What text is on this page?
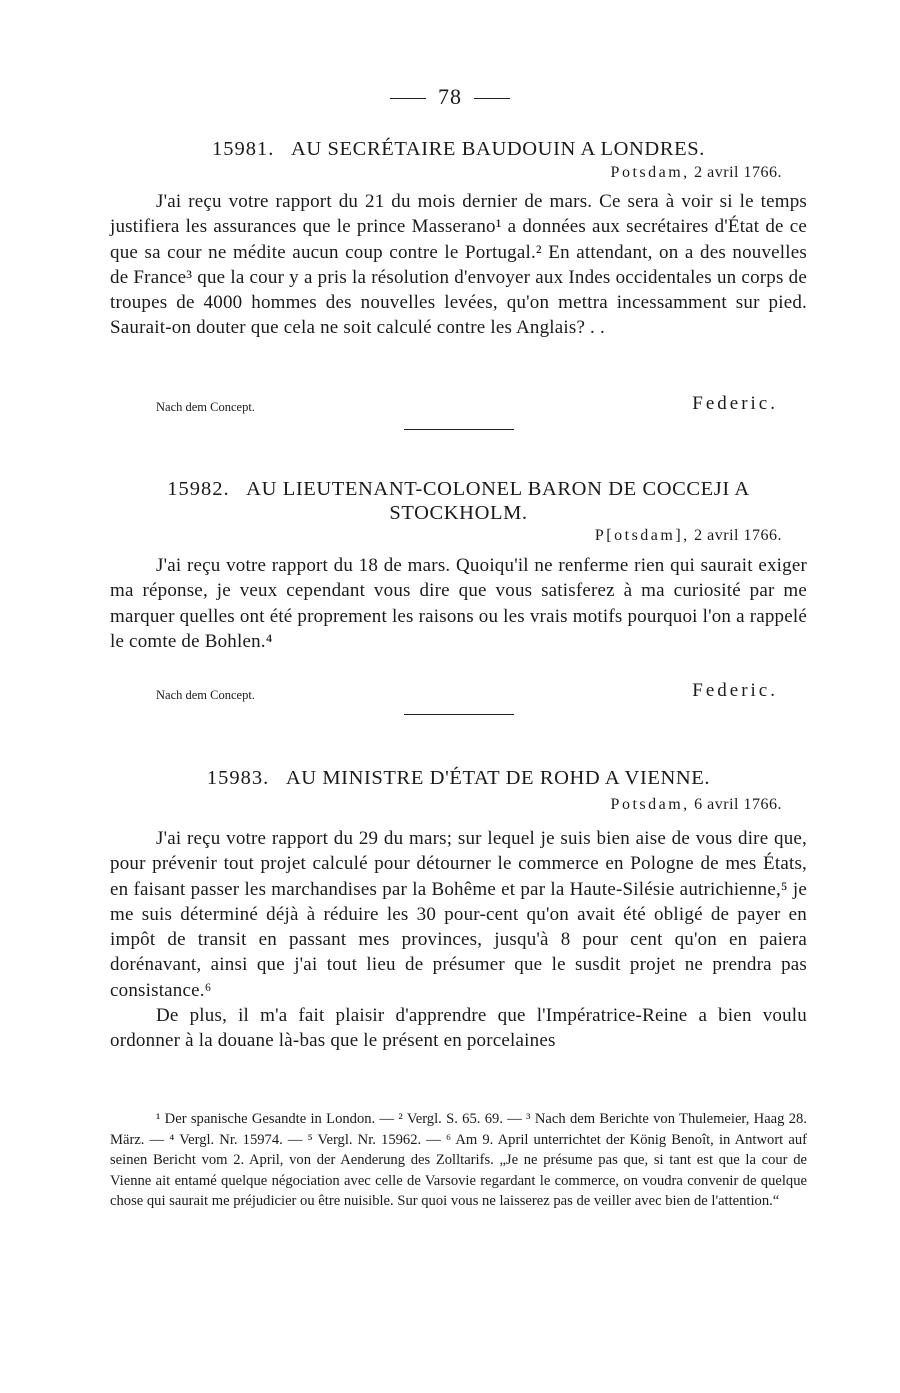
78
15981. AU SECRÉTAIRE BAUDOUIN A LONDRES.
Potsdam, 2 avril 1766.

J'ai reçu votre rapport du 21 du mois dernier de mars. Ce sera à voir si le temps justifiera les assurances que le prince Masserano¹ a données aux secrétaires d'État de ce que sa cour ne médite aucun coup contre le Portugal.² En attendant, on a des nouvelles de France³ que la cour y a pris la résolution d'envoyer aux Indes occidentales un corps de troupes de 4000 hommes des nouvelles levées, qu'on mettra incessamment sur pied. Saurait-on douter que cela ne soit calculé contre les Anglais? . .

Nach dem Concept.	Federic.
15982. AU LIEUTENANT-COLONEL BARON DE COCCEJI A STOCKHOLM.
P[otsdam], 2 avril 1766.

J'ai reçu votre rapport du 18 de mars. Quoiqu'il ne renferme rien qui saurait exiger ma réponse, je veux cependant vous dire que vous satisferez à ma curiosité par me marquer quelles ont été proprement les raisons ou les vrais motifs pourquoi l'on a rappelé le comte de Bohlen.⁴

Nach dem Concept.	Federic.
15983. AU MINISTRE D'ÉTAT DE ROHD A VIENNE.
Potsdam, 6 avril 1766.

J'ai reçu votre rapport du 29 du mars; sur lequel je suis bien aise de vous dire que, pour prévenir tout projet calculé pour détourner le commerce en Pologne de mes États, en faisant passer les marchandises par la Bohême et par la Haute-Silésie autrichienne,⁵ je me suis déterminé déjà à réduire les 30 pour-cent qu'on avait été obligé de payer en impôt de transit en passant mes provinces, jusqu'à 8 pour cent qu'on en paiera dorénavant, ainsi que j'ai tout lieu de présumer que le susdit projet ne prendra pas consistance.⁶

De plus, il m'a fait plaisir d'apprendre que l'Impératrice-Reine a bien voulu ordonner à la douane là-bas que le présent en porcelaines

¹ Der spanische Gesandte in London. — ² Vergl. S. 65. 69. — ³ Nach dem Berichte von Thulemeier, Haag 28. März. — ⁴ Vergl. Nr. 15974. — ⁵ Vergl. Nr. 15962. — ⁶ Am 9. April unterrichtet der König Benoît, in Antwort auf seinen Bericht vom 2. April, von der Aenderung des Zolltarifs. „Je ne présume pas que, si tant est que la cour de Vienne ait entamé quelque négociation avec celle de Varsovie regardant le commerce, on voudra convenir de quelque chose qui saurait me préjudicier ou être nuisible. Sur quoi vous ne laisserez pas de veiller avec bien de l'attention.“
